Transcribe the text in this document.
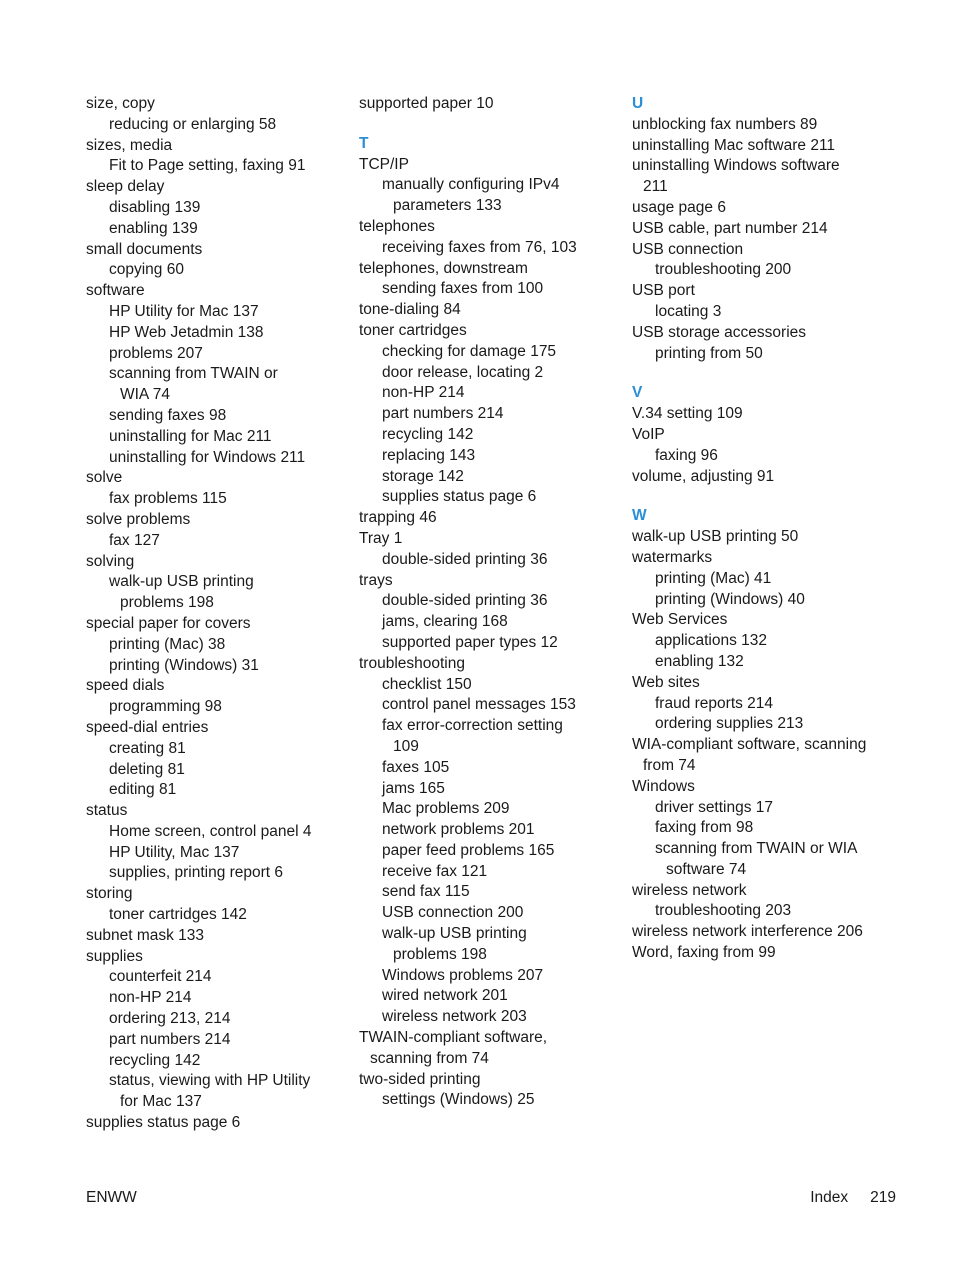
size, copy
reducing or enlarging 58
sizes, media
Fit to Page setting, faxing 91
sleep delay
disabling 139
enabling 139
small documents
copying 60
software
HP Utility for Mac 137
HP Web Jetadmin 138
problems 207
scanning from TWAIN or
WIA 74
sending faxes 98
uninstalling for Mac 211
uninstalling for Windows 211
solve
fax problems 115
solve problems
fax 127
solving
walk-up USB printing
problems 198
special paper for covers
printing (Mac) 38
printing (Windows) 31
speed dials
programming 98
speed-dial entries
creating 81
deleting 81
editing 81
status
Home screen, control panel 4
HP Utility, Mac 137
supplies, printing report 6
storing
toner cartridges 142
subnet mask 133
supplies
counterfeit 214
non-HP 214
ordering 213, 214
part numbers 214
recycling 142
status, viewing with HP Utility
for Mac 137
supplies status page 6
supported paper 10
T
TCP/IP
manually configuring IPv4
parameters 133
telephones
receiving faxes from 76, 103
telephones, downstream
sending faxes from 100
tone-dialing 84
toner cartridges
checking for damage 175
door release, locating 2
non-HP 214
part numbers 214
recycling 142
replacing 143
storage 142
supplies status page 6
trapping 46
Tray 1
double-sided printing 36
trays
double-sided printing 36
jams, clearing 168
supported paper types 12
troubleshooting
checklist 150
control panel messages 153
fax error-correction setting
109
faxes 105
jams 165
Mac problems 209
network problems 201
paper feed problems 165
receive fax 121
send fax 115
USB connection 200
walk-up USB printing
problems 198
Windows problems 207
wired network 201
wireless network 203
TWAIN-compliant software,
scanning from 74
two-sided printing
settings (Windows) 25
U
unblocking fax numbers 89
uninstalling Mac software 211
uninstalling Windows software
211
usage page 6
USB cable, part number 214
USB connection
troubleshooting 200
USB port
locating 3
USB storage accessories
printing from 50
V
V.34 setting 109
VoIP
faxing 96
volume, adjusting 91
W
walk-up USB printing 50
watermarks
printing (Mac) 41
printing (Windows) 40
Web Services
applications 132
enabling 132
Web sites
fraud reports 214
ordering supplies 213
WIA-compliant software, scanning
from 74
Windows
driver settings 17
faxing from 98
scanning from TWAIN or WIA
software 74
wireless network
troubleshooting 203
wireless network interference 206
Word, faxing from 99
ENWW	Index 219
